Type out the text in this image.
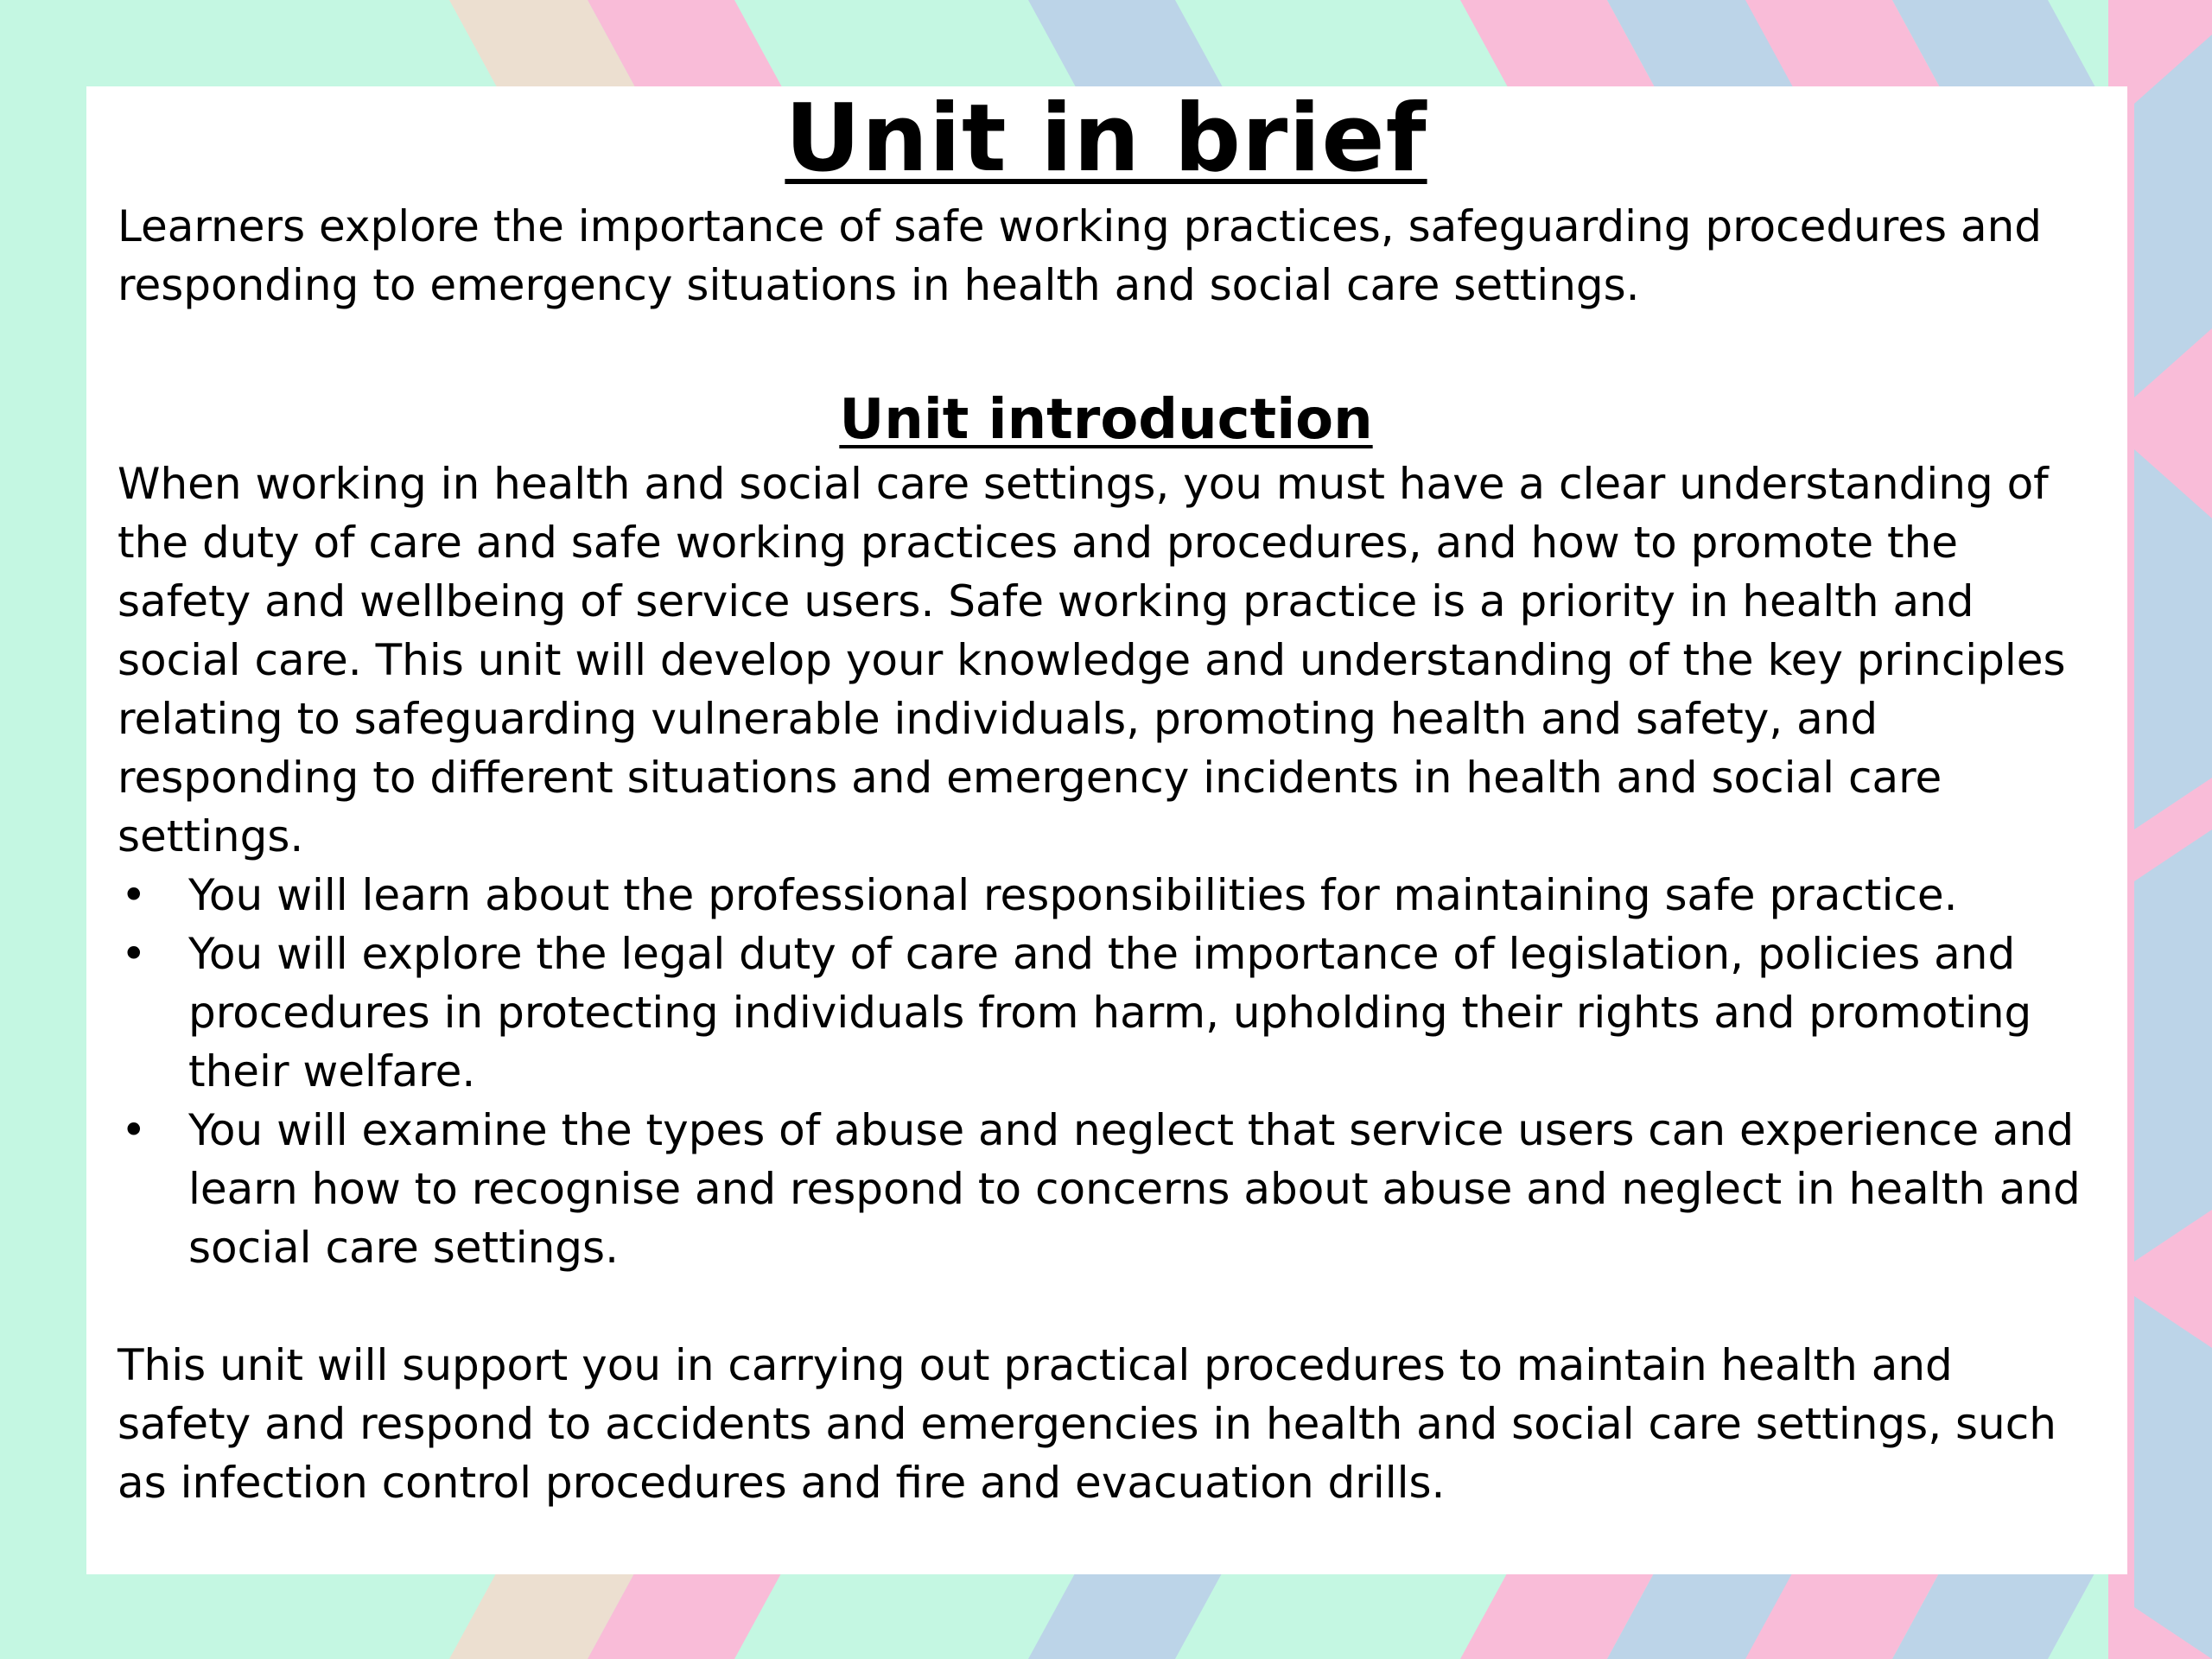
Unit in brief

Learners explore the importance of safe working practices, safeguarding procedures and responding to emergency situations in health and social care settings.

Unit introduction

When working in health and social care settings, you must have a clear understanding of the duty of care and safe working practices and procedures, and how to promote the safety and wellbeing of service users. Safe working practice is a priority in health and social care. This unit will develop your knowledge and understanding of the key principles relating to safeguarding vulnerable individuals, promoting health and safety, and responding to different situations and emergency incidents in health and social care settings.

• You will learn about the professional responsibilities for maintaining safe practice.
• You will explore the legal duty of care and the importance of legislation, policies and procedures in protecting individuals from harm, upholding their rights and promoting their welfare.
• You will examine the types of abuse and neglect that service users can experience and learn how to recognise and respond to concerns about abuse and neglect in health and social care settings.

This unit will support you in carrying out practical procedures to maintain health and safety and respond to accidents and emergencies in health and social care settings, such as infection control procedures and fire and evacuation drills.
